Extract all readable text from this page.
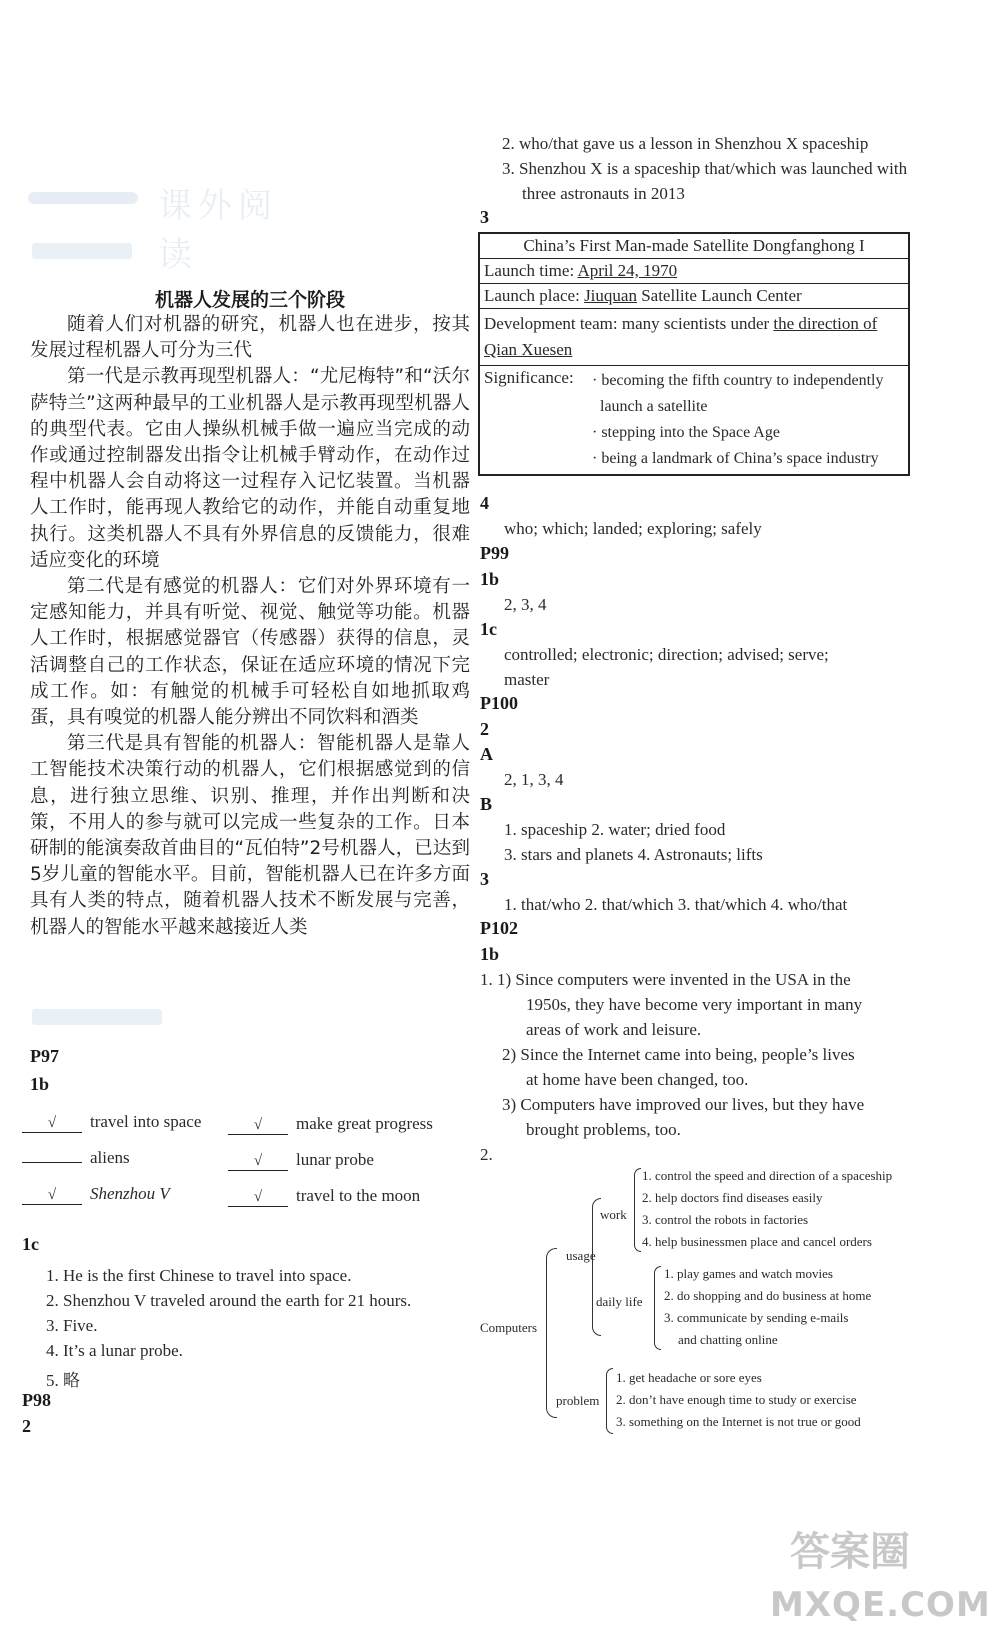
课外阅读
机器人发展的三个阶段

随着人们对机器的研究，机器人也在进步，按其发展过程机器人可分为三代

第一代是示教再现型机器人：“尤尼梅特”和“沃尔萨特兰”这两种最早的工业机器人是示教再现型机器人的典型代表。它由人操纵机械手做一遍应当完成的动作或通过控制器发出指令让机械手臂动作，在动作过程中机器人会自动将这一过程存入记忆装置。当机器人工作时，能再现人教给它的动作，并能自动重复地执行。这类机器人不具有外界信息的反馈能力，很难适应变化的环境

第二代是有感觉的机器人：它们对外界环境有一定感知能力，并具有听觉、视觉、触觉等功能。机器人工作时，根据感觉器官（传感器）获得的信息，灵活调整自己的工作状态，保证在适应环境的情况下完成工作。如：有触觉的机械手可轻松自如地抓取鸡蛋，具有嗅觉的机器人能分辨出不同饮料和酒类

第三代是具有智能的机器人：智能机器人是靠人工智能技术决策行动的机器人，它们根据感觉到的信息，进行独立思维、识别、推理，并作出判断和决策，不用人的参与就可以完成一些复杂的工作。日本研制的能演奏敌首曲目的“瓦伯特”2号机器人，已达到5岁儿童的智能水平。目前，智能机器人已在许多方面具有人类的特点，随着机器人技术不断发展与完善，机器人的智能水平越来越接近人类

P97
1b
√ travel into space	√ make great progress
aliens	√ lunar probe
√ Shenzhou V	√ travel to the moon
1c
1. He is the first Chinese to travel into space.
2. Shenzhou V traveled around the earth for 21 hours.
3. Five.
4. It’s a lunar probe.
5. 略
P98
2
2. who/that gave us a lesson in Shenzhou X spaceship
3. Shenzhou X is a spaceship that/which was launched with
three astronauts in 2013
3
China’s First Man-made Satellite Dongfanghong I
Launch time: April 24, 1970
Launch place: Jiuquan Satellite Launch Center
Development team: many scientists under the direction of Qian Xuesen
Significance: · becoming the fifth country to independently
launch a satellite
· stepping into the Space Age
· being a landmark of China’s space industry
4
who; which; landed; exploring; safely
P99
1b
2, 3, 4
1c
controlled; electronic; direction; advised; serve;
master
P100
2
A
2, 1, 3, 4
B
1. spaceship 2. water; dried food
3. stars and planets 4. Astronauts; lifts
3
1. that/who 2. that/which 3. that/which 4. who/that
P102
1b
1. 1) Since computers were invented in the USA in the
1950s, they have become very important in many
areas of work and leisure.
2) Since the Internet came into being, people’s lives
at home have been changed, too.
3) Computers have improved our lives, but they have
brought problems, too.
2.
Computers
usage
work
1. control the speed and direction of a spaceship
2. help doctors find diseases easily
3. control the robots in factories
4. help businessmen place and cancel orders
daily life
1. play games and watch movies
2. do shopping and do business at home
3. communicate by sending e-mails
and chatting online
problem
1. get headache or sore eyes
2. don’t have enough time to study or exercise
3. something on the Internet is not true or good
答案圈
MXQE.COM
